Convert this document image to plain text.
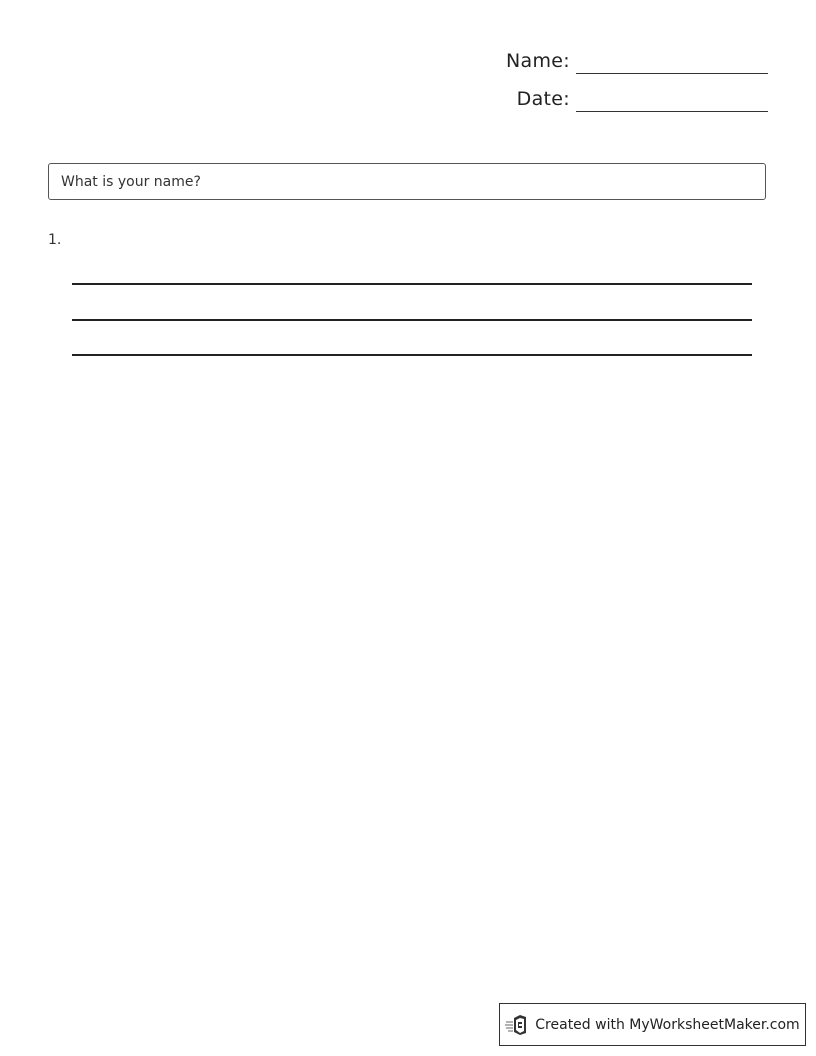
Name:
Date:
What is your name?
1.
Created with MyWorksheetMaker.com
